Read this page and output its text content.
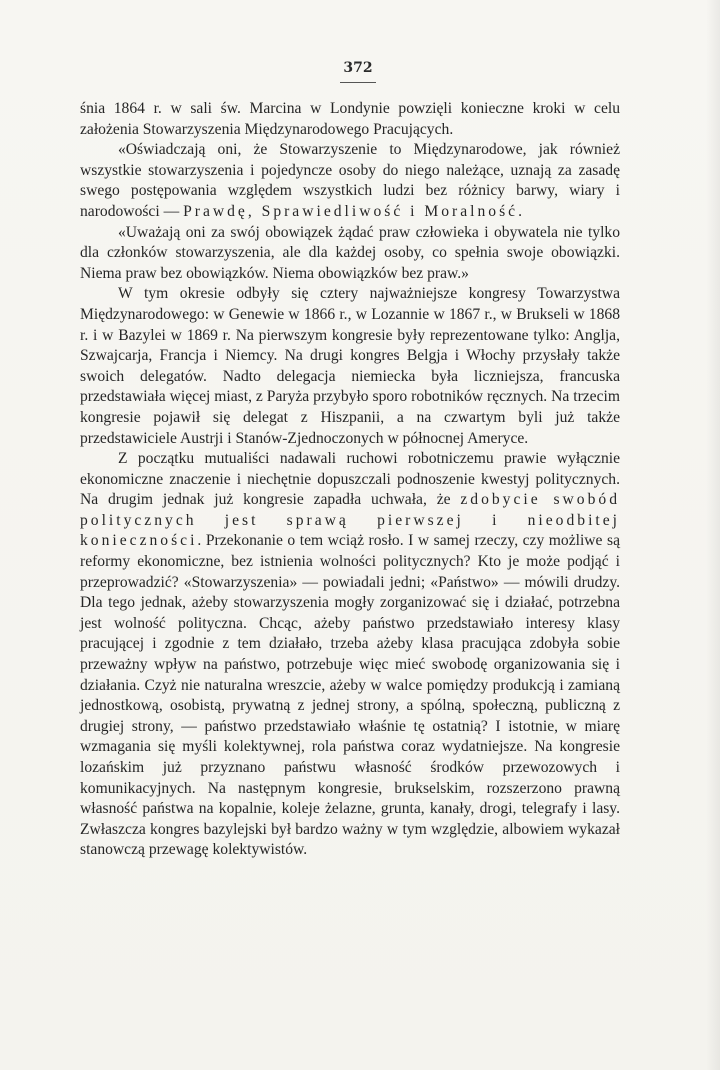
372

śnia 1864 r. w sali św. Marcina w Londynie powzięli konieczne kroki w celu założenia Stowarzyszenia Międzynarodowego Pracujących.

«Oświadczają oni, że Stowarzyszenie to Międzynarodowe, jak również wszystkie stowarzyszenia i pojedyncze osoby do niego należące, uznają za zasadę swego postępowania względem wszystkich ludzi bez różnicy barwy, wiary i narodowości — Prawdę, Sprawiedliwość i Moralność.

«Uważają oni za swój obowiązek żądać praw człowieka i obywatela nie tylko dla członków stowarzyszenia, ale dla każdej osoby, co spełnia swoje obowiązki. Niema praw bez obowiązków. Niema obowiązków bez praw.»

W tym okresie odbyły się cztery najważniejsze kongresy Towarzystwa Międzynarodowego: w Genewie w 1866 r., w Lozannie w 1867 r., w Brukseli w 1868 r. i w Bazylei w 1869 r. Na pierwszym kongresie były reprezentowane tylko: Anglja, Szwajcarja, Francja i Niemcy. Na drugi kongres Belgja i Włochy przysłały także swoich delegatów. Nadto delegacja niemiecka była liczniejsza, francuska przedstawiała więcej miast, z Paryża przybyło sporo robotników ręcznych. Na trzecim kongresie pojawił się delegat z Hiszpanii, a na czwartym byli już także przedstawiciele Austrji i Stanów-Zjednoczonych w północnej Ameryce.

Z początku mutualiści nadawali ruchowi robotniczemu prawie wyłącznie ekonomiczne znaczenie i niechętnie dopuszczali podnoszenie kwestyj politycznych. Na drugim jednak już kongresie zapadła uchwała, że zdobycie swobód politycznych jest sprawą pierwszej i nieodbitej konieczności. Przekonanie o tem wciąż rosło. I w samej rzeczy, czy możliwe są reformy ekonomiczne, bez istnienia wolności politycznych? Kto je może podjąć i przeprowadzić? «Stowarzyszenia» — powiadali jedni; «Państwo» — mówili drudzy. Dla tego jednak, ażeby stowarzyszenia mogły zorganizować się i działać, potrzebna jest wolność polityczna. Chcąc, ażeby państwo przedstawiało interesy klasy pracującej i zgodnie z tem działało, trzeba ażeby klasa pracująca zdobyła sobie przeważny wpływ na państwo, potrzebuje więc mieć swobodę organizowania się i działania. Czyż nie naturalna wreszcie, ażeby w walce pomiędzy produkcją i zamianą jednostkową, osobistą, prywatną z jednej strony, a spólną, społeczną, publiczną z drugiej strony, — państwo przedstawiało właśnie tę ostatnią? I istotnie, w miarę wzmagania się myśli kolektywnej, rola państwa coraz wydatniejsze. Na kongresie lozańskim już przyznano państwu własność środków przewozowych i komunikacyjnych. Na następnym kongresie, brukselskim, rozszerzono prawną własność państwa na kopalnie, koleje żelazne, grunta, kanały, drogi, telegrafy i lasy. Zwłaszcza kongres bazylejski był bardzo ważny w tym względzie, albowiem wykazał stanowczą przewagę kolektywistów.
